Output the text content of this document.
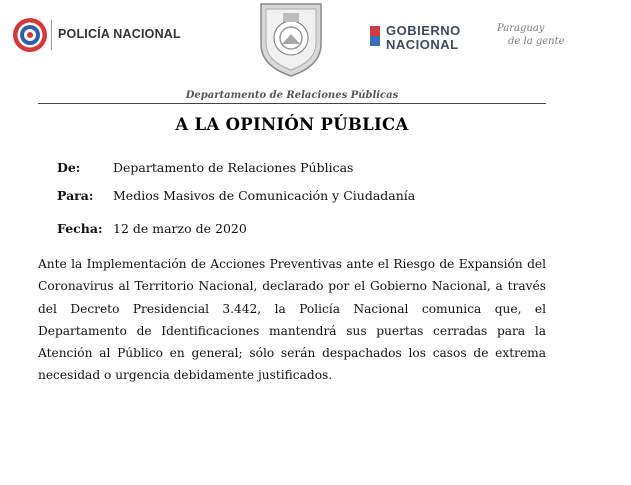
POLICÍA NACIONAL	GOBIERNO
NACIONAL
Paraguay
de la gente
Departamento de Relaciones Públicas
A LA OPINIÓN PÚBLICA
De:	Departamento de Relaciones Públicas
Para: Medios Masivos de Comunicación y Ciudadanía
Fecha: 12 de marzo de 2020
Ante la Implementación de Acciones Preventivas ante el Riesgo de Expansión del Coronavirus al Territorio Nacional, declarado por el Gobierno Nacional, a través del Decreto Presidencial 3.442, la Policía Nacional comunica que, el Departamento de Identificaciones mantendrá sus puertas cerradas para la Atención al Público en general; sólo serán despachados los casos de extrema necesidad o urgencia debidamente justificados.
